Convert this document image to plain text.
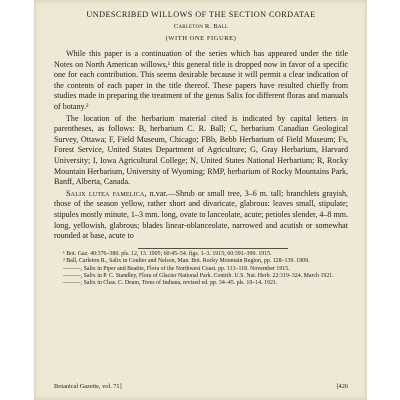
UNDESCRIBED WILLOWS OF THE SECTION CORDATAE

Carleton R. Ball

(WITH ONE FIGURE)

While this paper is a continuation of the series which has appeared under the title Notes on North American willows,¹ this general title is dropped now in favor of a specific one for each contribution. This seems desirable because it will permit a clear indication of the contents of each paper in the title thereof. These papers have resulted chiefly from studies made in preparing the treatment of the genus Salix for different floras and manuals of botany.²

The location of the herbarium material cited is indicated by capital letters in parentheses, as follows: B, herbarium C. R. Ball; C, herbarium Canadian Geological Survey, Ottawa; F, Field Museum, Chicago; FBb, Bebb Herbarium of Field Museum; Fs, Forest Service, United States Department of Agriculture; G, Gray Herbarium, Harvard University; I, Iowa Agricultural College; N, United States National Herbarium; R, Rocky Mountain Herbarium, University of Wyoming; RMP, herbarium of Rocky Mountains Park, Banff, Alberta, Canada.

Salix lutea famelica, n.var.—Shrub or small tree, 3–6 m. tall; branchlets grayish, those of the season yellow, rather short and divaricate, glabrous: leaves small, stipulate; stipules mostly minute, 1–3 mm. long, ovate to lanceolate, acute; petioles slender, 4–8 mm. long, yellowish, glabrous; blades linear-oblanceolate, narrowed and acutish or somewhat rounded at base, acute to

¹ Bot. Gaz. 40:376–380. pls. 12, 13. 1905; 60:45–54. figs. 1–3. 1915; 60:391–399. 1915.

² Ball, Carleton R., Salix in Coulter and Nelson, Man. Bot. Rocky Mountain Region, pp. 128–139. 1909.

———, Salix in Piper and Beattie, Flora of the Northwest Coast. pp. 113–118. November 1915.

———, Salix in P. C. Standley, Flora of Glacier National Park. Contrib. U.S. Nat. Herb. 22:319–324. March 1921.

———, Salix in Chas. C. Deam, Trees of Indiana, revised ed. pp. 34–45. pls. 10–14. 1921.

Botanical Gazette, vol. 71]	[426
